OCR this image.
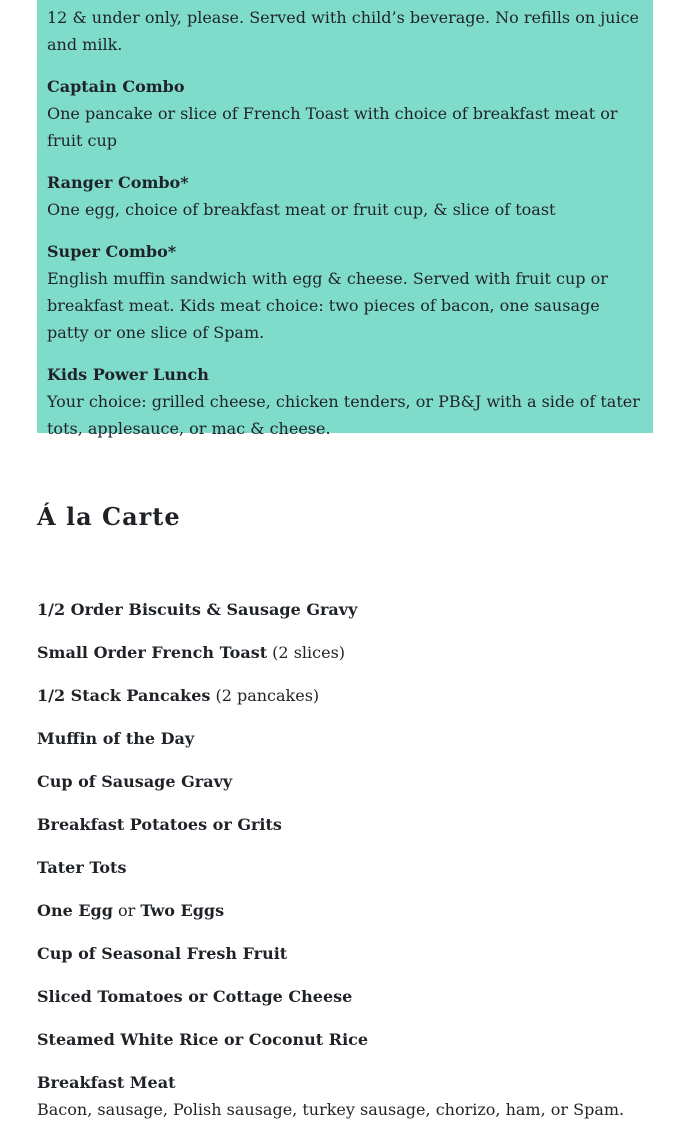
12 & under only, please. Served with child’s beverage. No refills on juice and milk.

Captain Combo

One pancake or slice of French Toast with choice of breakfast meat or fruit cup

Ranger Combo*

One egg, choice of breakfast meat or fruit cup, & slice of toast

Super Combo*

English muffin sandwich with egg & cheese. Served with fruit cup or breakfast meat. Kids meat choice: two pieces of bacon, one sausage patty or one slice of Spam.

Kids Power Lunch

Your choice: grilled cheese, chicken tenders, or PB&J with a side of tater tots, applesauce, or mac & cheese.

Á la Carte
1/2 Order Biscuits & Sausage Gravy
Small Order French Toast (2 slices)
1/2 Stack Pancakes (2 pancakes)
Muffin of the Day
Cup of Sausage Gravy
Breakfast Potatoes or Grits
Tater Tots
One Egg or Two Eggs
Cup of Seasonal Fresh Fruit
Sliced Tomatoes or Cottage Cheese
Steamed White Rice or Coconut Rice
Breakfast Meat
Bacon, sausage, Polish sausage, turkey sausage, chorizo, ham, or Spam.
